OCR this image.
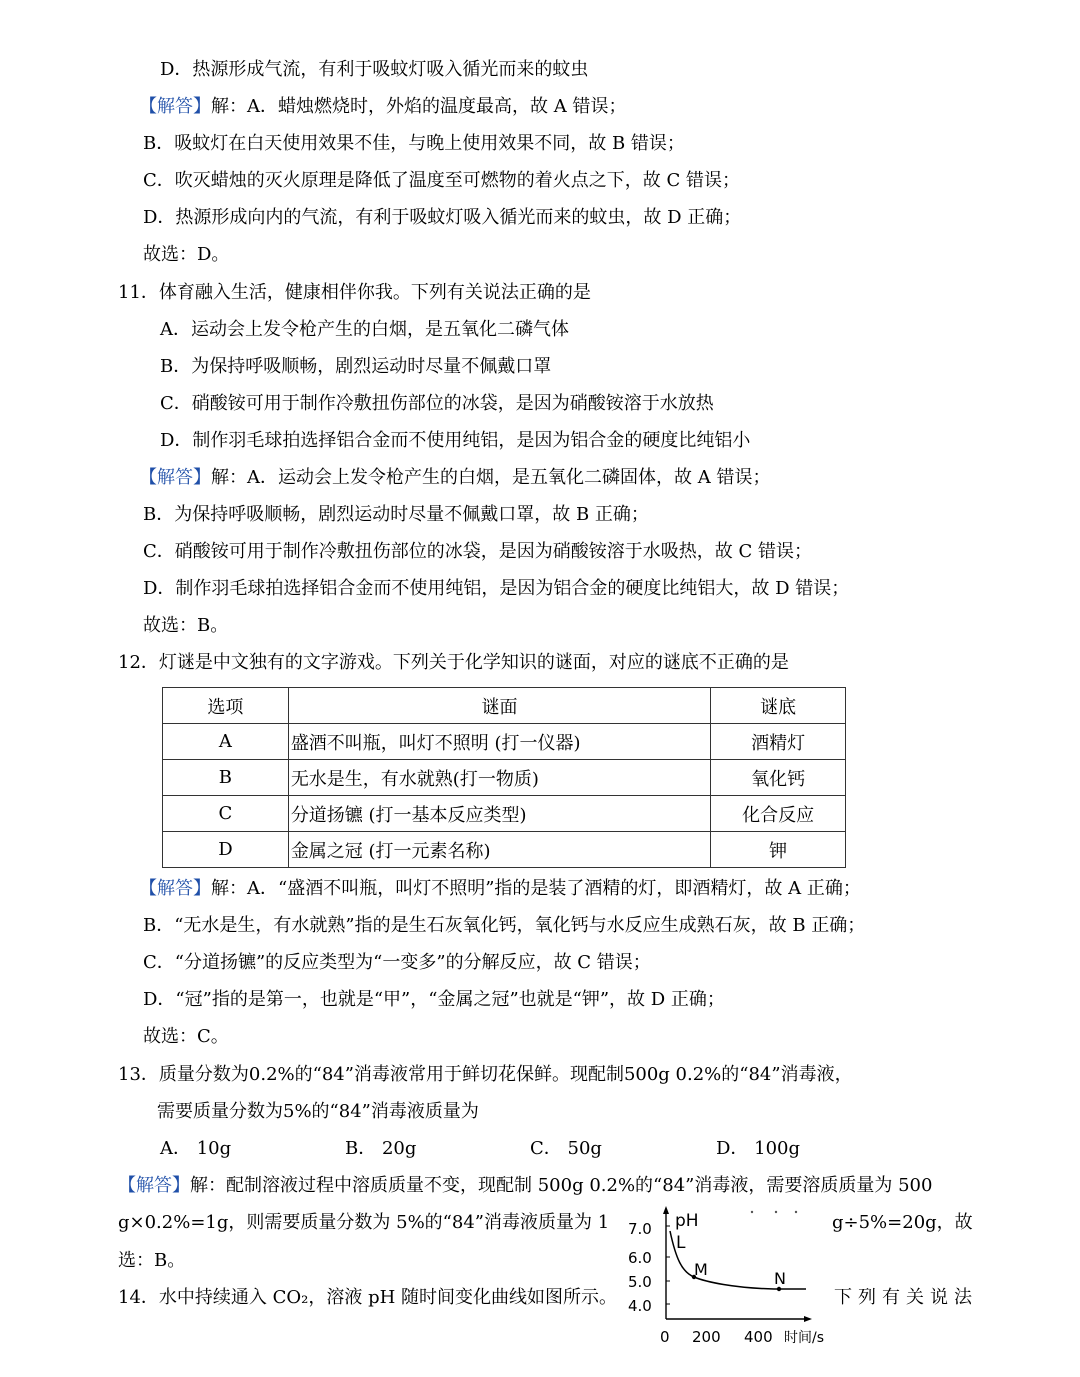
D．热源形成气流，有利于吸蚊灯吸入循光而来的蚊虫
【解答】解：A．蜡烛燃烧时，外焰的温度最高，故 A 错误；
B．吸蚊灯在白天使用效果不佳，与晚上使用效果不同，故 B 错误；
C．吹灭蜡烛的灭火原理是降低了温度至可燃物的着火点之下，故 C 错误；
D．热源形成向内的气流，有利于吸蚊灯吸入循光而来的蚊虫，故 D 正确；
故选：D。
11．体育融入生活，健康相伴你我。下列有关说法正确的是
A．运动会上发令枪产生的白烟，是五氧化二磷气体
B．为保持呼吸顺畅，剧烈运动时尽量不佩戴口罩
C．硝酸铵可用于制作冷敷扭伤部位的冰袋，是因为硝酸铵溶于水放热
D．制作羽毛球拍选择铝合金而不使用纯铝，是因为铝合金的硬度比纯铝小
【解答】解：A．运动会上发令枪产生的白烟，是五氧化二磷固体，故 A 错误；
B．为保持呼吸顺畅，剧烈运动时尽量不佩戴口罩，故 B 正确；
C．硝酸铵可用于制作冷敷扭伤部位的冰袋，是因为硝酸铵溶于水吸热，故 C 错误；
D．制作羽毛球拍选择铝合金而不使用纯铝，是因为铝合金的硬度比纯铝大，故 D 错误；
故选：B。
12．灯谜是中文独有的文字游戏。下列关于化学知识的谜面，对应的谜底不正确的是
选项	谜面	谜底
A	盛酒不叫瓶，叫灯不照明 (打一仪器)	酒精灯
B	无水是生，有水就熟(打一物质)	氧化钙
C	分道扬镳 (打一基本反应类型)	化合反应
D	金属之冠 (打一元素名称)	钾
【解答】解：A．“盛酒不叫瓶，叫灯不照明”指的是装了酒精的灯，即酒精灯，故 A 正确；
B．“无水是生，有水就熟”指的是生石灰氧化钙，氧化钙与水反应生成熟石灰，故 B 正确；
C．“分道扬镳”的反应类型为“一变多”的分解反应，故 C 错误；
D．“冠”指的是第一，也就是“甲”，“金属之冠”也就是“钾”，故 D 正确；
故选：C。
13．质量分数为0.2%的“84”消毒液常用于鲜切花保鲜。现配制500g 0.2%的“84”消毒液，
需要质量分数为5%的“84”消毒液质量为
A． 10g	B． 20g	C． 50g	D． 100g
【解答】解：配制溶液过程中溶质质量不变，现配制 500g 0.2%的“84”消毒液，需要溶质质量为 500
g×0.2%=1g，则需要质量分数为 5%的“84”消毒液质量为 1	g÷5%=20g，故
选：B。
14．水中持续通入 CO₂，溶液 pH 随时间变化曲线如图所示。	下列有关说法
pH
7.0
6.0
5.0
4.0
0 200 400 时间/s
L
M	N
